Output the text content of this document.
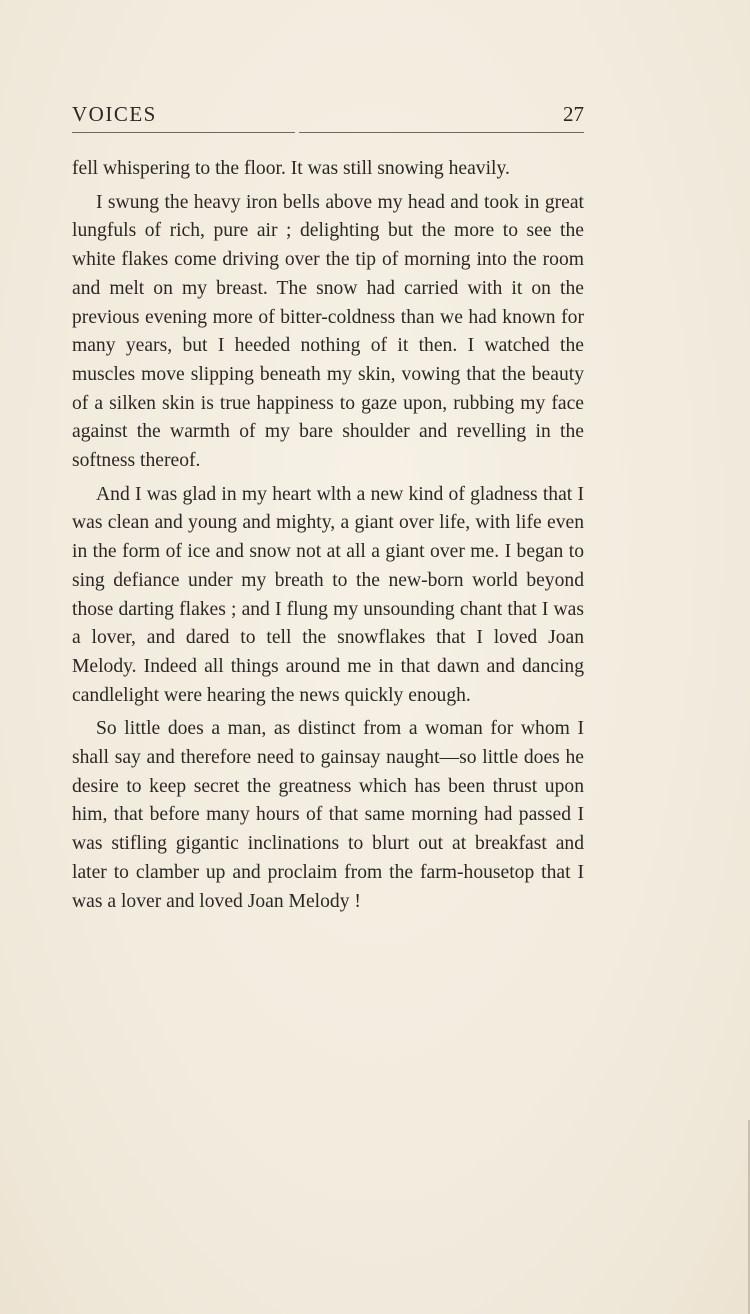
VOICES	27

fell whispering to the floor. It was still snowing heavily.

I swung the heavy iron bells above my head and took in great lungfuls of rich, pure air ; delighting but the more to see the white flakes come driving over the tip of morning into the room and melt on my breast. The snow had carried with it on the previous evening more of bitter-coldness than we had known for many years, but I heeded nothing of it then. I watched the muscles move slipping beneath my skin, vowing that the beauty of a silken skin is true happiness to gaze upon, rubbing my face against the warmth of my bare shoulder and revelling in the softness thereof.

And I was glad in my heart wlth a new kind of gladness that I was clean and young and mighty, a giant over life, with life even in the form of ice and snow not at all a giant over me. I began to sing defiance under my breath to the new-born world beyond those darting flakes ; and I flung my unsounding chant that I was a lover, and dared to tell the snowflakes that I loved Joan Melody. Indeed all things around me in that dawn and dancing candlelight were hearing the news quickly enough.

So little does a man, as distinct from a woman for whom I shall say and therefore need to gainsay naught—so little does he desire to keep secret the greatness which has been thrust upon him, that before many hours of that same morning had passed I was stifling gigantic inclinations to blurt out at breakfast and later to clamber up and proclaim from the farm-housetop that I was a lover and loved Joan Melody !
